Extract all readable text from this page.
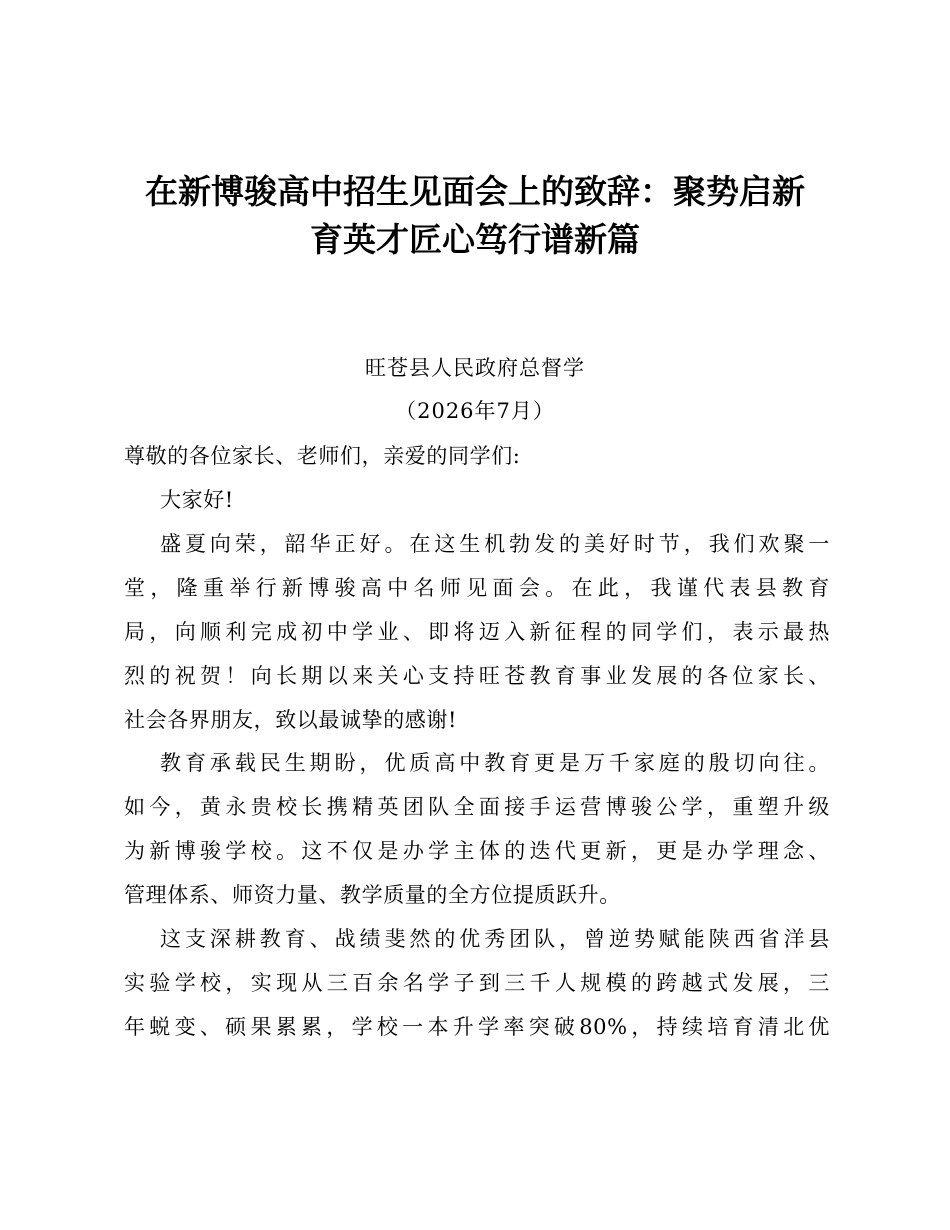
在新博骏高中招生见面会上的致辞：聚势启新
育英才匠心笃行谱新篇

旺苍县人民政府总督学

（2026年7月）

尊敬的各位家长、老师们，亲爱的同学们:

大家好!

盛夏向荣，韶华正好。在这生机勃发的美好时节，我们欢聚一

堂，隆重举行新博骏高中名师见面会。在此，我谨代表县教育

局，向顺利完成初中学业、即将迈入新征程的同学们，表示最热

烈的祝贺！向长期以来关心支持旺苍教育事业发展的各位家长、

社会各界朋友，致以最诚挚的感谢!

教育承载民生期盼，优质高中教育更是万千家庭的殷切向往。

如今，黄永贵校长携精英团队全面接手运营博骏公学，重塑升级

为新博骏学校。这不仅是办学主体的迭代更新，更是办学理念、

管理体系、师资力量、教学质量的全方位提质跃升。

这支深耕教育、战绩斐然的优秀团队，曾逆势赋能陕西省洋县

实验学校，实现从三百余名学子到三千人规模的跨越式发展，三

年蜕变、硕果累累，学校一本升学率突破80%，持续培育清北优
